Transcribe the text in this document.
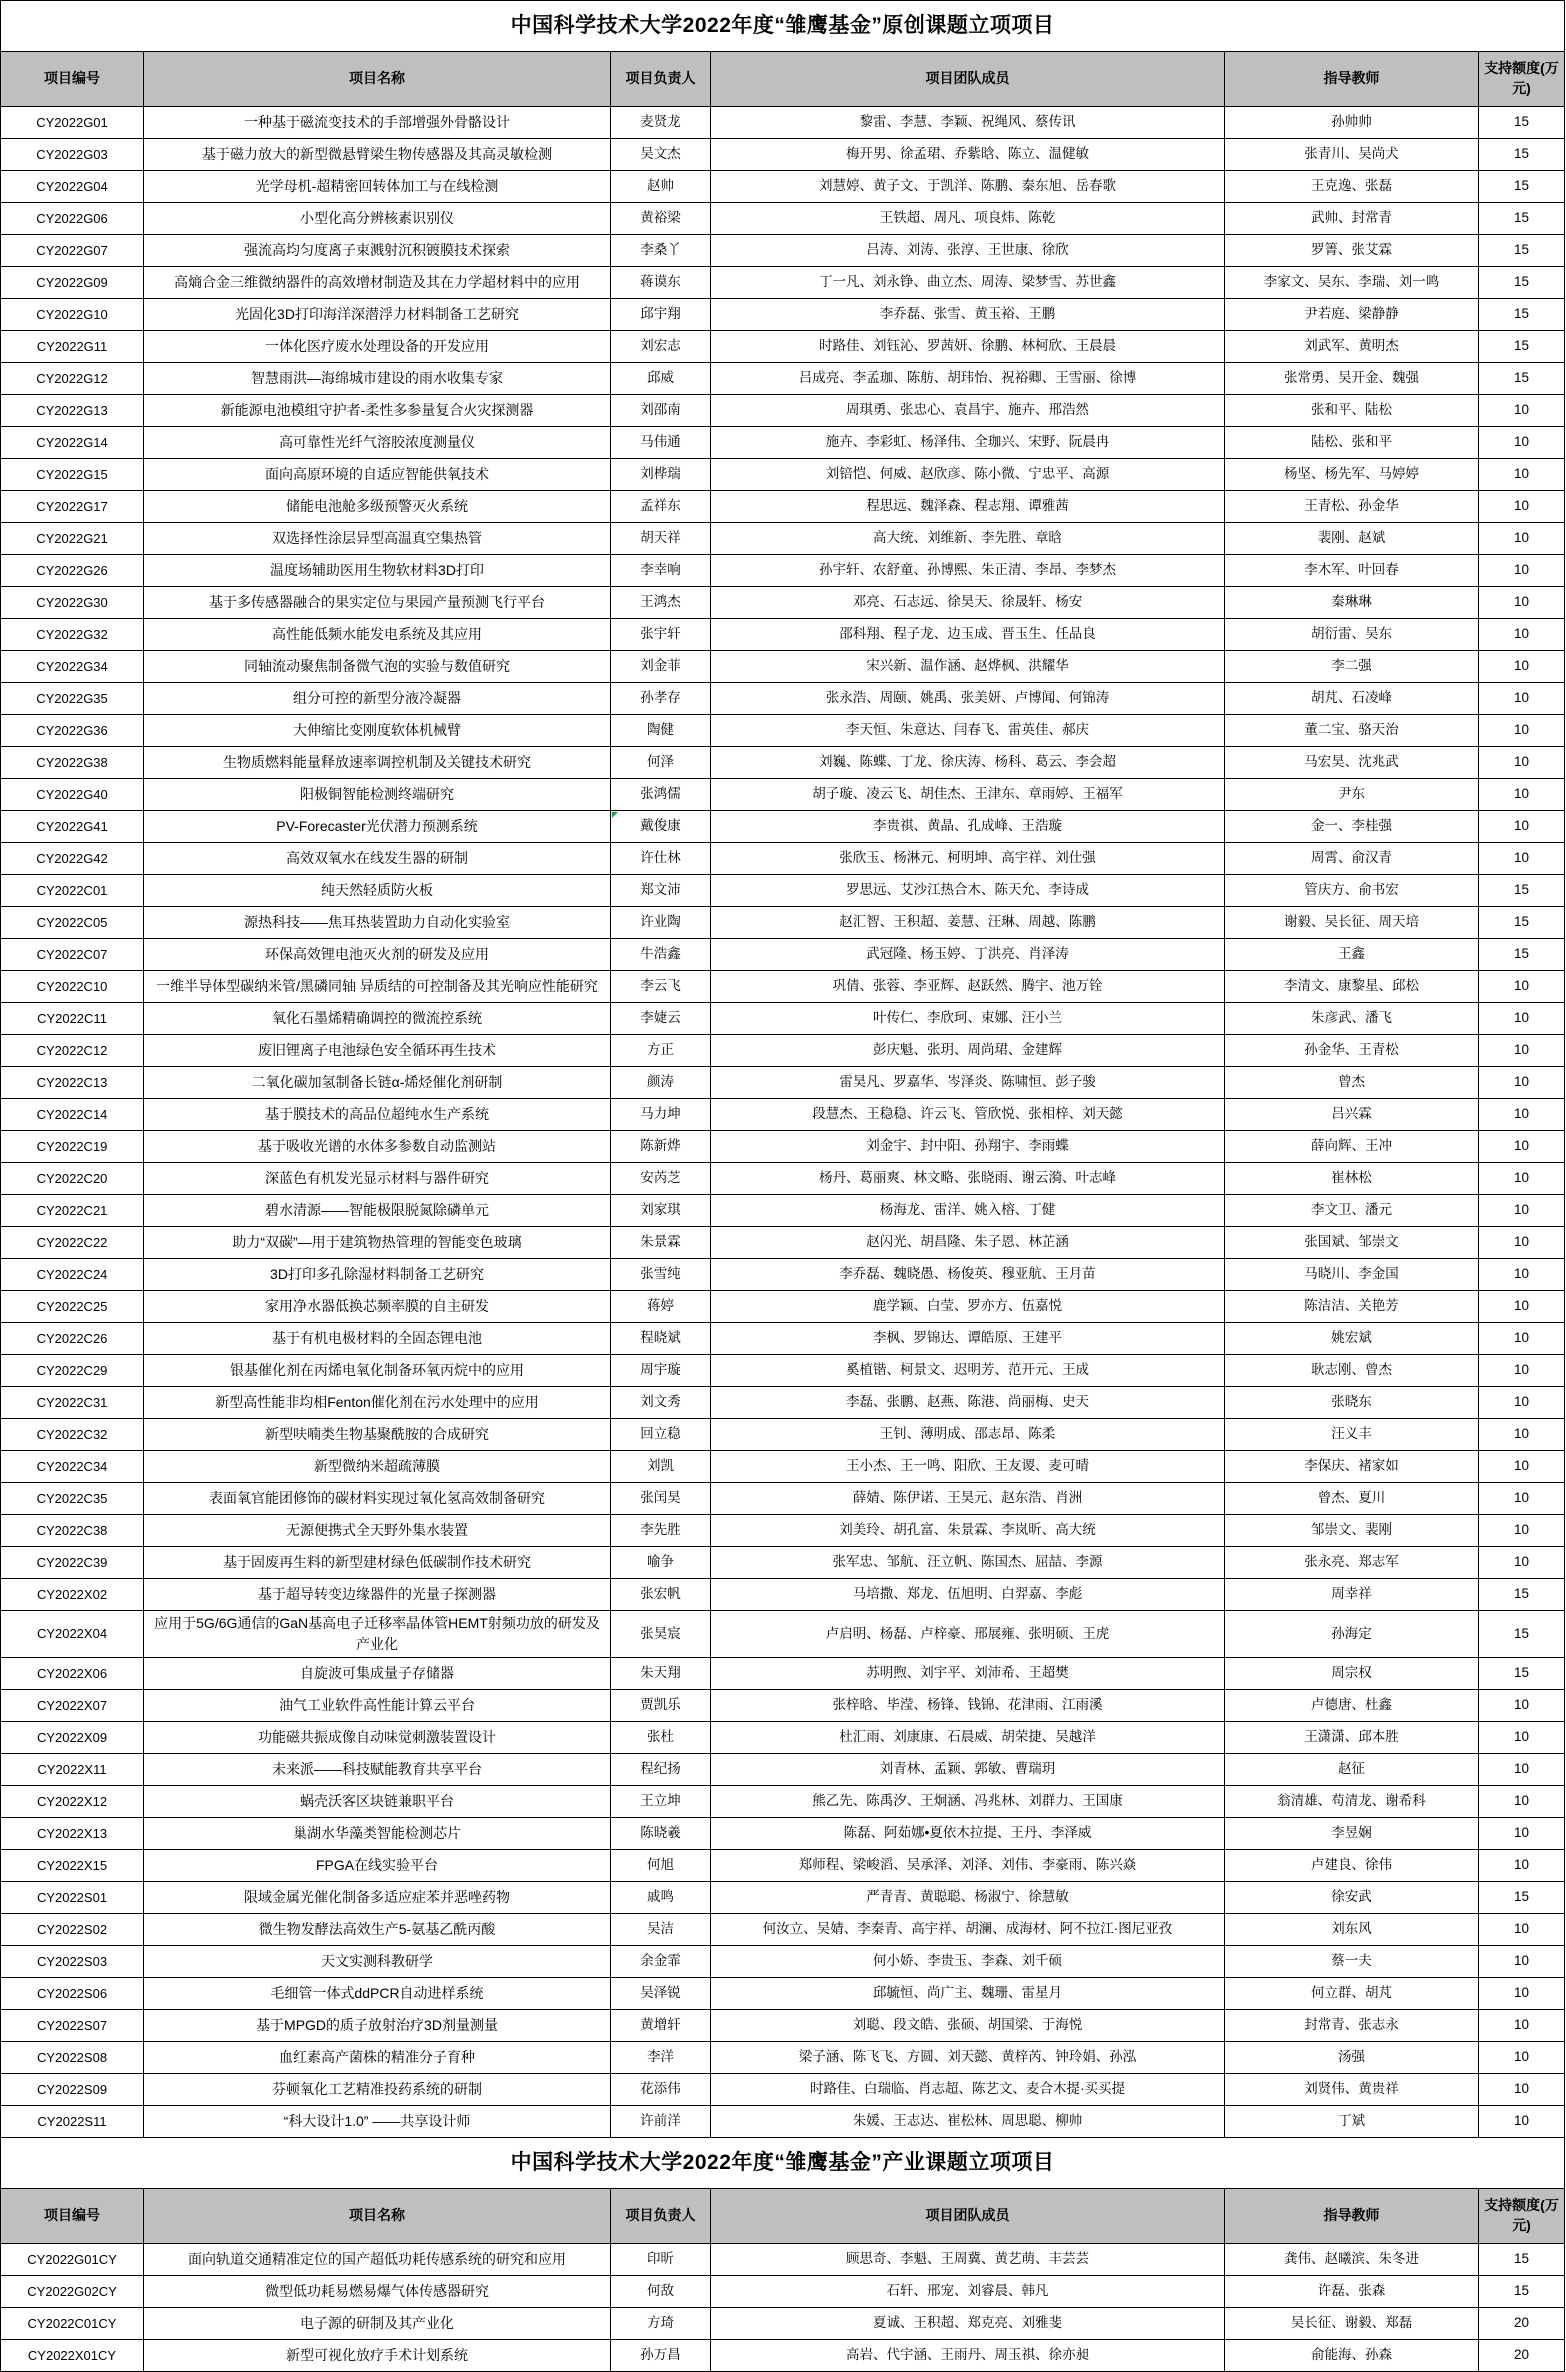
中国科学技术大学2022年度“雏鹰基金”原创课题立项项目					
项目编号	项目名称	项目负责人	项目团队成员	指导教师	支持额度(万元)
CY2022G01	一种基于磁流变技术的手部增强外骨骼设计	麦贤龙	黎雷、李慧、李颖、祝绳风、蔡传讯	孙帅帅	15
CY2022G03	基于磁力放大的新型微悬臂梁生物传感器及其高灵敏检测	吴文杰	梅开男、徐孟珺、乔紫晗、陈立、温健敏	张青川、吴尚犬	15
CY2022G04	光学母机-超精密回转体加工与在线检测	赵帅	刘慧婷、黄子文、于凯洋、陈鹏、秦东旭、岳春歌	王克逸、张磊	15
CY2022G06	小型化高分辨核素识别仪	黄裕梁	王铁超、周凡、项良炜、陈乾	武帅、封常青	15
CY2022G07	强流高均匀度离子束溅射沉积镀膜技术探索	李桑丫	吕涛、刘涛、张淳、王世康、徐欣	罗箐、张艾霖	15
CY2022G09	高熵合金三维微纳器件的高效增材制造及其在力学超材料中的应用	蒋谟东	丁一凡、刘永铮、曲立杰、周涛、梁梦雪、苏世鑫	李家文、吴东、李瑞、刘一鸣	15
CY2022G10	光固化3D打印海洋深潜浮力材料制备工艺研究	邱宇翔	李乔磊、张雪、黄玉裕、王鹏	尹若庭、梁静静	15
CY2022G11	一体化医疗废水处理设备的开发应用	刘宏志	时路佳、刘钰沁、罗茜妍、徐鹏、林柯欣、王晨晨	刘武军、黄明杰	15
CY2022G12	智慧雨洪—海绵城市建设的雨水收集专家	邱威	吕成亮、李孟珈、陈舫、胡玮怡、祝裕卿、王雪丽、徐博	张常勇、吴开金、魏强	15
CY2022G13	新能源电池模组守护者-柔性多参量复合火灾探测器	刘邵南	周琪勇、张忠心、袁昌宇、施卉、邢浩然	张和平、陆松	10
CY2022G14	高可靠性光纤气溶胶浓度测量仪	马伟通	施卉、李彩虹、杨泽伟、全珈兴、宋野、阮晨冉	陆松、张和平	10
CY2022G15	面向高原环境的自适应智能供氧技术	刘桦瑞	刘锫恺、何威、赵欣彦、陈小微、宁忠平、高源	杨坚、杨先军、马婷婷	10
CY2022G17	储能电池舱多级预警灭火系统	孟祥东	程思远、魏泽森、程志翔、谭雅茜	王青松、孙金华	10
CY2022G21	双选择性涂层异型高温真空集热管	胡天祥	高大统、刘维新、李先胜、章晗	裴刚、赵斌	10
CY2022G26	温度场辅助医用生物软材料3D打印	李幸响	孙宇轩、农舒童、孙博熙、朱正清、李昂、李梦杰	李木军、叶回春	10
CY2022G30	基于多传感器融合的果实定位与果园产量预测飞行平台	王鸿杰	邓亮、石志远、徐昊天、徐晟轩、杨安	秦琳琳	10
CY2022G32	高性能低频水能发电系统及其应用	张宇轩	邵科翔、程子龙、边玉成、晋玉生、任品良	胡衍雷、吴东	10
CY2022G34	同轴流动聚焦制备微气泡的实验与数值研究	刘金菲	宋兴新、温作涵、赵烨枫、洪耀华	李二强	10
CY2022G35	组分可控的新型分液冷凝器	孙孝存	张永浩、周颐、姚禹、张美妍、卢博闻、何锦涛	胡芃、石凌峰	10
CY2022G36	大伸缩比变刚度软体机械臂	陶健	李天恒、朱意达、闫春飞、雷英佳、郝庆	董二宝、骆天治	10
CY2022G38	生物质燃料能量释放速率调控机制及关键技术研究	何泽	刘巍、陈蝶、丁龙、徐庆涛、杨科、葛云、李会超	马宏昊、沈兆武	10
CY2022G40	阳极铜智能检测终端研究	张鸿儒	胡子璇、凌云飞、胡佳杰、王津东、章雨婷、王福军	尹东	10
CY2022G41	PV-Forecaster光伏潜力预测系统	戴俊康	李贵祺、黄晶、孔成峰、王浩璇	金一、李桂强	10
CY2022G42	高效双氧水在线发生器的研制	许仕林	张欣玉、杨淋元、柯明坤、高宇祥、刘仕强	周霄、俞汉青	10
CY2022C01	纯天然轻质防火板	郑文沛	罗思远、艾沙江热合木、陈天允、李诗成	管庆方、俞书宏	15
CY2022C05	源热科技——焦耳热装置助力自动化实验室	许业陶	赵汇智、王积超、姜慧、汪琳、周越、陈鹏	谢毅、吴长征、周天培	15
CY2022C07	环保高效锂电池灭火剂的研发及应用	牛浩鑫	武冠隆、杨玉婷、丁洪亮、肖泽涛	王鑫	15
CY2022C10	一维半导体型碳纳米管/黑磷同轴 异质结的可控制备及其光响应性能研究	李云飞	巩倩、张蓉、李亚辉、赵跃然、腾宇、池万铨	李清文、康黎星、邱松	10
CY2022C11	氧化石墨烯精确调控的微流控系统	李婕云	叶传仁、李欣珂、束娜、汪小兰	朱彦武、潘飞	10
CY2022C12	废旧锂离子电池绿色安全循环再生技术	方正	彭庆魁、张玥、周尚珺、金建辉	孙金华、王青松	10
CY2022C13	二氧化碳加氢制备长链α-烯烃催化剂研制	颜涛	雷昊凡、罗嘉华、岑泽炎、陈啸恒、彭子骏	曾杰	10
CY2022C14	基于膜技术的高品位超纯水生产系统	马力坤	段慧杰、王稳稳、许云飞、管欣悦、张相梓、刘天懿	吕兴霖	10
CY2022C19	基于吸收光谱的水体多参数自动监测站	陈新烨	刘金宇、封中阳、孙翔宇、李雨蝶	薛向辉、王冲	10
CY2022C20	深蓝色有机发光显示材料与器件研究	安芮芝	杨丹、葛丽爽、林文略、张晓雨、谢云漪、叶志峰	崔林松	10
CY2022C21	碧水清源——智能极限脱氮除磷单元	刘家琪	杨海龙、雷洋、姚入榕、丁健	李文卫、潘元	10
CY2022C22	助力“双碳”—用于建筑物热管理的智能变色玻璃	朱景霖	赵闪光、胡昌隆、朱子恩、林芷涵	张国斌、邹崇文	10
CY2022C24	3D打印多孔除湿材料制备工艺研究	张雪纯	李乔磊、魏晓愚、杨俊英、穆亚航、王月苗	马晓川、李金国	10
CY2022C25	家用净水器低换芯频率膜的自主研发	蒋婷	鹿学颖、白莹、罗亦方、伍嘉悦	陈洁洁、关艳芳	10
CY2022C26	基于有机电极材料的全固态锂电池	程晓斌	李枫、罗锦达、谭皓原、王建平	姚宏斌	10
CY2022C29	银基催化剂在丙烯电氧化制备环氧丙烷中的应用	周宇璇	奚植锴、柯景文、迟明芳、范开元、王成	耿志刚、曾杰	10
CY2022C31	新型高性能非均相Fenton催化剂在污水处理中的应用	刘文秀	李磊、张鹏、赵燕、陈港、尚丽梅、史天	张晓东	10
CY2022C32	新型呋喃类生物基聚酰胺的合成研究	回立稳	王钊、薄明成、邵志昂、陈柔	汪义丰	10
CY2022C34	新型微纳米超疏薄膜	刘凯	王小杰、王一鸣、阳欣、王友谡、麦可晴	李保庆、褚家如	10
CY2022C35	表面氧官能团修饰的碳材料实现过氧化氢高效制备研究	张闰昊	薛婧、陈伊诺、王昊元、赵东浩、肖洲	曾杰、夏川	10
CY2022C38	无源便携式全天野外集水装置	李先胜	刘美玲、胡孔富、朱景霖、李岚昕、高大统	邹崇文、裴刚	10
CY2022C39	基于固废再生料的新型建材绿色低碳制作技术研究	喻争	张军忠、邹航、汪立帆、陈国杰、屈喆、李源	张永亮、郑志军	10
CY2022X02	基于超导转变边缘器件的光量子探测器	张宏帆	马培撒、郑龙、伍旭明、白羿嘉、李彪	周幸祥	15
CY2022X04	应用于5G/6G通信的GaN基高电子迁移率晶体管HEMT射频功放的研发及产业化	张昊宸	卢启明、杨磊、卢梓豪、邢展雍、张明硕、王虎	孙海定	15
CY2022X06	自旋波可集成量子存储器	朱天翔	苏明煦、刘宇平、刘沛希、王超樊	周宗权	15
CY2022X07	油气工业软件高性能计算云平台	贾凯乐	张梓晗、毕滢、杨锋、钱锦、花津雨、江雨溪	卢德唐、杜鑫	10
CY2022X09	功能磁共振成像自动味觉刺激装置设计	张杜	杜汇雨、刘康康、石晨威、胡荣捷、吴越洋	王潇潇、邱本胜	10
CY2022X11	未来派——科技赋能教育共享平台	程纪扬	刘青林、孟颖、郭敏、曹瑞玥	赵征	10
CY2022X12	蜗壳沃客区块链兼职平台	王立坤	熊乙先、陈禹汐、王炯涵、冯兆林、刘群力、王国康	翁清雄、苟清龙、谢希科	10
CY2022X13	巢湖水华藻类智能检测芯片	陈晓羲	陈磊、阿茹娜•夏依木拉提、王丹、李泽威	李昱娴	10
CY2022X15	FPGA在线实验平台	何旭	郑师程、梁峻滔、吴承泽、刘泽、刘伟、李豪雨、陈兴焱	卢建良、徐伟	10
CY2022S01	限域金属光催化制备多适应症苯并恶唑药物	戚鸣	严青青、黄聪聪、杨淑宁、徐慧敏	徐安武	15
CY2022S02	微生物发酵法高效生产5-氨基乙酰丙酸	吴洁	何汝立、吴婧、李秦青、高宇祥、胡澜、成海材、阿不拉江·图尼亚孜	刘东风	10
CY2022S03	天文实测科教研学	余金霏	何小娇、李贵玉、李森、刘千硕	蔡一夫	10
CY2022S06	毛细管一体式ddPCR自动进样系统	吴泽锐	邱毓恒、尚广主、魏珊、雷星月	何立群、胡芃	10
CY2022S07	基于MPGD的质子放射治疗3D剂量测量	黄增轩	刘聪、段文皓、张硕、胡国梁、于海悦	封常青、张志永	10
CY2022S08	血红素高产菌株的精准分子育种	李洋	梁子涵、陈飞飞、方圆、刘天懿、黄梓芮、钟玲娟、孙泓	汤强	10
CY2022S09	芬顿氧化工艺精准投药系统的研制	花添伟	时路佳、白瑞临、肖志超、陈艺文、麦合木提·买买提	刘贤伟、黄贵祥	10
CY2022S11	“科大设计1.0” ——共享设计师	许前洋	朱媛、王志达、崔松林、周思聪、柳帅	丁斌	10
中国科学技术大学2022年度“雏鹰基金”产业课题立项项目					
项目编号	项目名称	项目负责人	项目团队成员	指导教师	支持额度(万元)
CY2022G01CY	面向轨道交通精准定位的国产超低功耗传感系统的研究和应用	印昕	顾思奇、李魁、王周冀、黄艺萌、丰芸芸	龚伟、赵曦滨、朱冬进	15
CY2022G02CY	微型低功耗易燃易爆气体传感器研究	何敌	石轩、邢宠、刘睿晨、韩凡	许磊、张森	15
CY2022C01CY	电子源的研制及其产业化	方琦	夏诚、王积超、郑克亮、刘雅斐	吴长征、谢毅、郑磊	20
CY2022X01CY	新型可视化放疗手术计划系统	孙万昌	高岩、代宇涵、王雨丹、周玉祺、徐亦昶	俞能海、孙森	20
